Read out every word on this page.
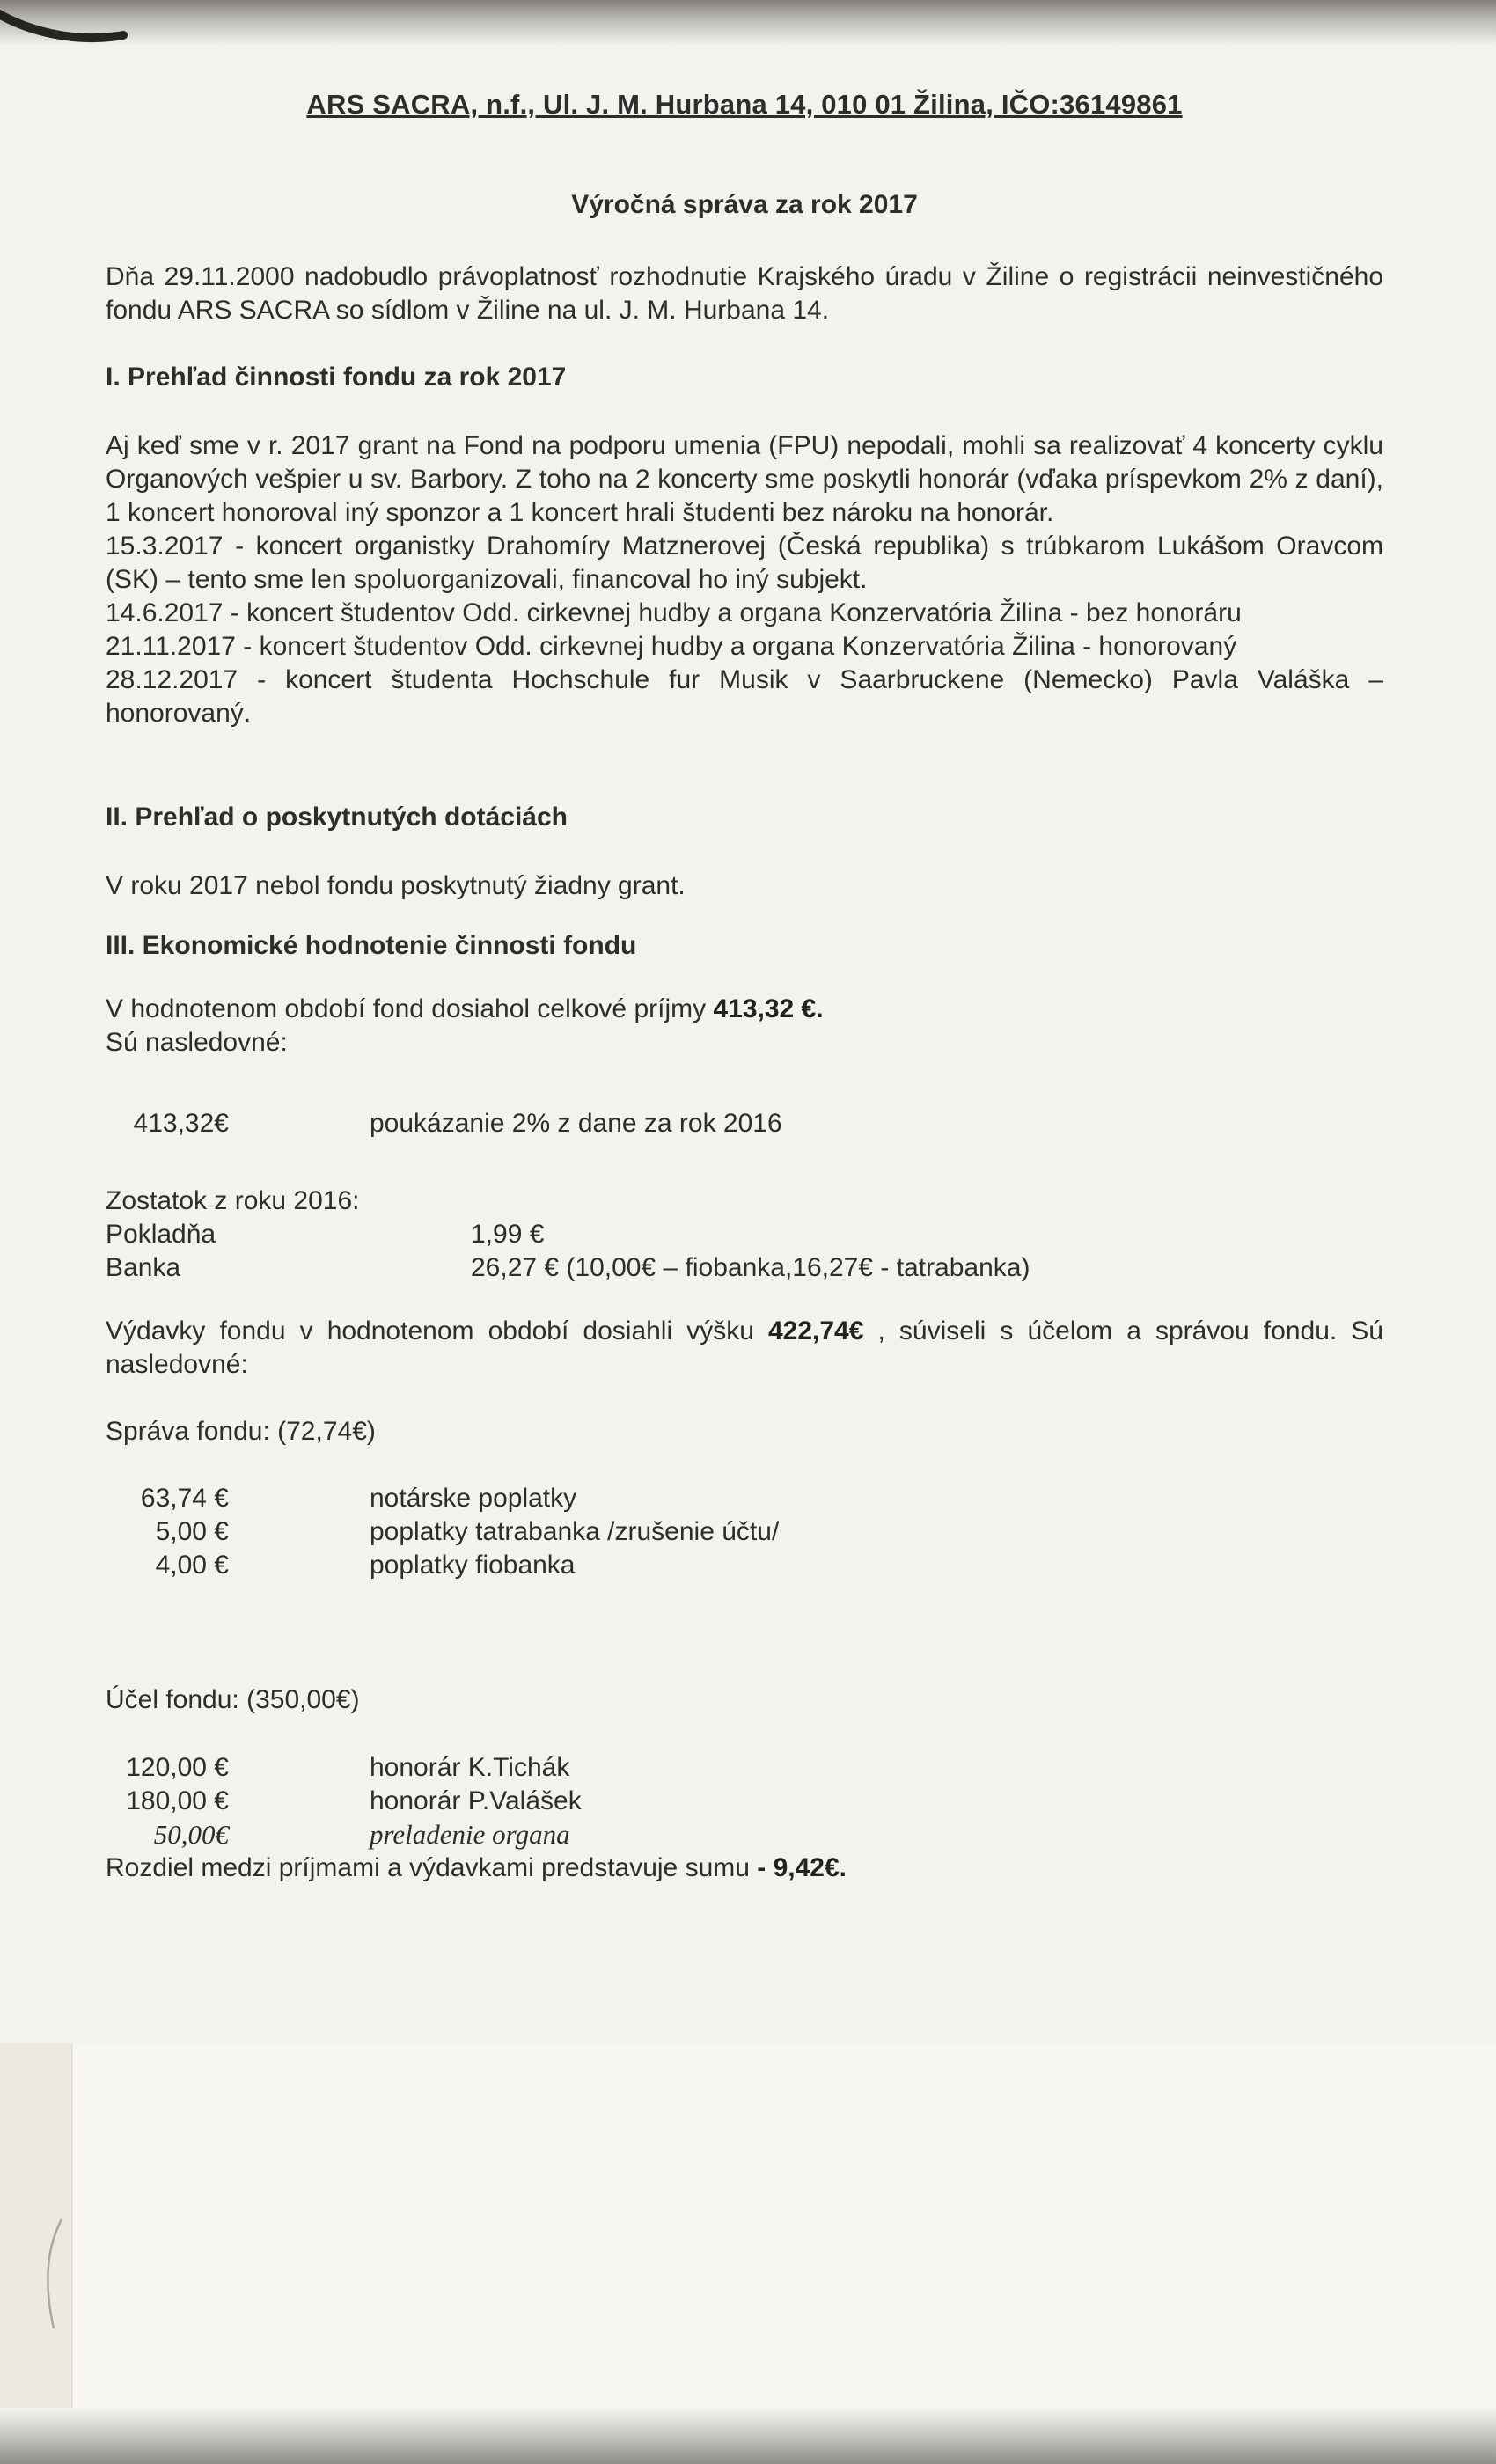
ARS SACRA, n.f., Ul. J. M. Hurbana 14, 010 01 Žilina, IČO:36149861
Výročná správa za rok 2017
Dňa 29.11.2000 nadobudlo právoplatnosť rozhodnutie Krajského úradu v Žiline o registrácii neinvestičného fondu ARS SACRA so sídlom v Žiline na ul. J. M. Hurbana 14.
I. Prehľad činnosti fondu za rok 2017
Aj keď sme v r. 2017 grant na Fond na podporu umenia (FPU) nepodali, mohli sa realizovať 4 koncerty cyklu Organových vešpier u sv. Barbory. Z toho na 2 koncerty sme poskytli honorár (vďaka príspevkom 2% z daní), 1 koncert honoroval iný sponzor a 1 koncert hrali študenti bez nároku na honorár.
15.3.2017 - koncert organistky Drahomíry Matznerovej (Česká republika) s trúbkarom Lukášom Oravcom (SK) – tento sme len spoluorganizovali, financoval ho iný subjekt.
14.6.2017 - koncert študentov Odd. cirkevnej hudby a organa Konzervatória Žilina - bez honoráru
21.11.2017 - koncert študentov Odd. cirkevnej hudby a organa Konzervatória Žilina - honorovaný
28.12.2017 - koncert študenta Hochschule fur Musik v Saarbruckene (Nemecko) Pavla Valáška – honorovaný.
II. Prehľad o poskytnutých dotáciách
V roku 2017 nebol fondu poskytnutý žiadny grant.
III. Ekonomické hodnotenie činnosti fondu
V hodnotenom období fond dosiahol celkové príjmy 413,32 €.
Sú nasledovné:
413,32€	poukázanie 2% z dane za rok 2016
Zostatok z roku 2016:
Pokladňa	1,99 €
Banka	26,27 € (10,00€ – fiobanka,16,27€ - tatrabanka)
Výdavky fondu v hodnotenom období dosiahli výšku 422,74€ , súviseli s účelom a správou fondu. Sú nasledovné:
Správa fondu: (72,74€)
63,74 €	notárske poplatky
5,00 €	poplatky tatrabanka /zrušenie účtu/
4,00 €	poplatky fiobanka
Účel fondu: (350,00€)
120,00 €	honorár K.Tichák
180,00 €	honorár P.Valášek
50,00€	preladenie organa
Rozdiel medzi príjmami a výdavkami predstavuje sumu - 9,42€.
